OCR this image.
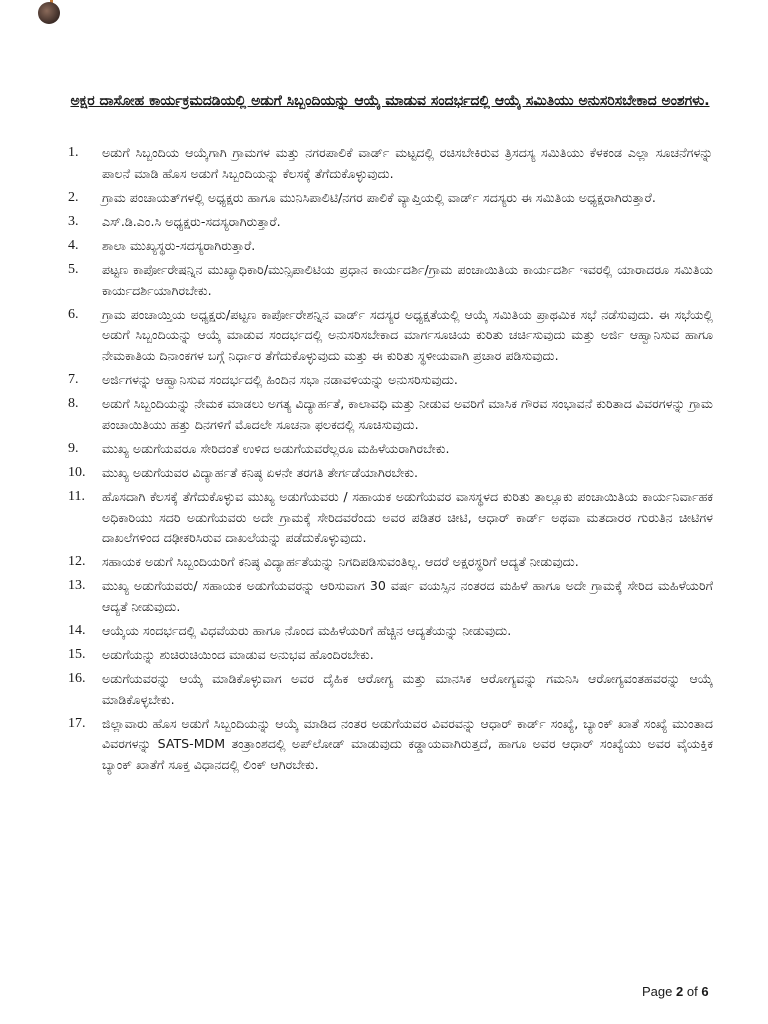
ಅಕ್ಷರ ದಾಸೋಹ ಕಾರ್ಯಕ್ರಮದಡಿಯಲ್ಲಿ ಅಡುಗೆ ಸಿಬ್ಬಂದಿಯನ್ನು ಆಯ್ಕೆ ಮಾಡುವ ಸಂದರ್ಭದಲ್ಲಿ ಆಯ್ಕೆ ಸಮಿತಿಯು ಅನುಸರಿಸಬೇಕಾದ ಅಂಶಗಳು.
1. ಅಡುಗೆ ಸಿಬ್ಬಂದಿಯ ಆಯ್ಕೆಗಾಗಿ ಗ್ರಾಮಗಳ ಮತ್ತು ನಗರಪಾಲಿಕೆ ವಾರ್ಡ್ ಮಟ್ಟದಲ್ಲಿ ರಚಿಸಬೇಕಿರುವ ತ್ರಿಸದಸ್ಯ ಸಮಿತಿಯು ಕೆಳಕಂಡ ಎಲ್ಲಾ ಸೂಚನೆಗಳನ್ನು ಪಾಲನೆ ಮಾಡಿ ಹೊಸ ಅಡುಗೆ ಸಿಬ್ಬಂದಿಯನ್ನು ಕೆಲಸಕ್ಕೆ ತೆಗೆದುಕೊಳ್ಳುವುದು.
2. ಗ್ರಾಮ ಪಂಚಾಯತ್‌ಗಳಲ್ಲಿ ಅಧ್ಯಕ್ಷರು ಹಾಗೂ ಮುನಿಸಿಪಾಲಿಟಿ/ನಗರ ಪಾಲಿಕೆ ವ್ಯಾಪ್ತಿಯಲ್ಲಿ ವಾರ್ಡ್ ಸದಸ್ಯರು ಈ ಸಮಿತಿಯ ಅಧ್ಯಕ್ಷರಾಗಿರುತ್ತಾರೆ.
3. ಎಸ್.ಡಿ.ಎಂ.ಸಿ ಅಧ್ಯಕ್ಷರು-ಸದಸ್ಯರಾಗಿರುತ್ತಾರೆ.
4. ಶಾಲಾ ಮುಖ್ಯಸ್ಥರು-ಸದಸ್ಯರಾಗಿರುತ್ತಾರೆ.
5. ಪಟ್ಟಣ ಕಾರ್ಪೋರೇಷನ್ನಿನ ಮುಖ್ಯಾಧಿಕಾರಿ/ಮುನ್ಸಿಪಾಲಿಟಿಯ ಪ್ರಧಾನ ಕಾರ್ಯದರ್ಶಿ/ಗ್ರಾಮ ಪಂಚಾಯಿತಿಯ ಕಾರ್ಯದರ್ಶಿ ಇವರಲ್ಲಿ ಯಾರಾದರೂ ಸಮಿತಿಯ ಕಾರ್ಯದರ್ಶಿಯಾಗಿರಬೇಕು.
6. ಗ್ರಾಮ ಪಂಚಾಯ್ತಿಯ ಅಧ್ಯಕ್ಷರು/ಪಟ್ಟಣ ಕಾರ್ಪೋರೇಶನ್ನಿನ ವಾರ್ಡ್ ಸದಸ್ಯರ ಅಧ್ಯಕ್ಷತೆಯಲ್ಲಿ ಆಯ್ಕೆ ಸಮಿತಿಯ ಪ್ರಾಥಮಿಕ ಸಭೆ ನಡೆಸುವುದು. ಈ ಸಭೆಯಲ್ಲಿ ಅಡುಗೆ ಸಿಬ್ಬಂದಿಯನ್ನು ಆಯ್ಕೆ ಮಾಡುವ ಸಂದರ್ಭದಲ್ಲಿ ಅನುಸರಿಸಬೇಕಾದ ಮಾರ್ಗಸೂಚಿಯ ಕುರಿತು ಚರ್ಚಿಸುವುದು ಮತ್ತು ಅರ್ಜಿ ಆಹ್ವಾನಿಸುವ ಹಾಗೂ ನೇಮಕಾತಿಯ ದಿನಾಂಕಗಳ ಬಗ್ಗೆ ನಿರ್ಧಾರ ತೆಗೆದುಕೊಳ್ಳುವುದು ಮತ್ತು ಈ ಕುರಿತು ಸ್ಥಳೀಯವಾಗಿ ಪ್ರಚಾರ ಪಡಿಸುವುದು.
7. ಅರ್ಜಿಗಳನ್ನು ಆಹ್ವಾನಿಸುವ ಸಂದರ್ಭದಲ್ಲಿ ಹಿಂದಿನ ಸಭಾ ನಡಾವಳಿಯನ್ನು ಅನುಸರಿಸುವುದು.
8. ಅಡುಗೆ ಸಿಬ್ಬಂದಿಯನ್ನು ನೇಮಕ ಮಾಡಲು ಅಗತ್ಯ ವಿದ್ಯಾರ್ಹತೆ, ಕಾಲಾವಧಿ ಮತ್ತು ನೀಡುವ ಅವರಿಗೆ ಮಾಸಿಕ ಗೌರವ ಸಂಭಾವನೆ ಕುರಿತಾದ ವಿವರಗಳನ್ನು ಗ್ರಾಮ ಪಂಚಾಯಿತಿಯು ಹತ್ತು ದಿನಗಳಿಗೆ ಮೊದಲೇ ಸೂಚನಾ ಫಲಕದಲ್ಲಿ ಸೂಚಿಸುವುದು.
9. ಮುಖ್ಯ ಅಡುಗೆಯವರೂ ಸೇರಿದಂತೆ ಉಳಿದ ಅಡುಗೆಯವರೆಲ್ಲರೂ ಮಹಿಳೆಯರಾಗಿರಬೇಕು.
10. ಮುಖ್ಯ ಅಡುಗೆಯವರ ವಿದ್ಯಾರ್ಹತೆ ಕನಿಷ್ಠ ಏಳನೇ ತರಗತಿ ತೇರ್ಗಡೆಯಾಗಿರಬೇಕು.
11. ಹೊಸದಾಗಿ ಕೆಲಸಕ್ಕೆ ತೆಗೆದುಕೊಳ್ಳುವ ಮುಖ್ಯ ಅಡುಗೆಯವರು / ಸಹಾಯಕ ಅಡುಗೆಯವರ ವಾಸಸ್ಥಳದ ಕುರಿತು ತಾಲ್ಲೂಕು ಪಂಚಾಯಿತಿಯ ಕಾರ್ಯನಿರ್ವಾಹಕ ಅಧಿಕಾರಿಯು ಸದರಿ ಅಡುಗೆಯವರು ಅದೇ ಗ್ರಾಮಕ್ಕೆ ಸೇರಿದವರೆಂದು ಅವರ ಪಡಿತರ ಚೀಟಿ, ಆಧಾರ್ ಕಾರ್ಡ್ ಅಥವಾ ಮತದಾರರ ಗುರುತಿನ ಚೀಟಿಗಳ ದಾಖಲೆಗಳಿಂದ ದಢೀಕರಿಸಿರುವ ದಾಖಲೆಯನ್ನು ಪಡೆದುಕೊಳ್ಳುವುದು.
12. ಸಹಾಯಕ ಅಡುಗೆ ಸಿಬ್ಬಂದಿಯರಿಗೆ ಕನಿಷ್ಠ ವಿದ್ಯಾರ್ಹತೆಯನ್ನು ನಿಗದಿಪಡಿಸುವಂತಿಲ್ಲ. ಆದರೆ ಅಕ್ಷರಸ್ಥರಿಗೆ ಆದ್ಯತೆ ನೀಡುವುದು.
13. ಮುಖ್ಯ ಅಡುಗೆಯವರು/ ಸಹಾಯಕ ಅಡುಗೆಯವರನ್ನು ಆರಿಸುವಾಗ 30 ವರ್ಷ ವಯಸ್ಸಿನ ನಂತರದ ಮಹಿಳೆ ಹಾಗೂ ಅದೇ ಗ್ರಾಮಕ್ಕೆ ಸೇರಿದ ಮಹಿಳೆಯರಿಗೆ ಆದ್ಯತೆ ನೀಡುವುದು.
14. ಆಯ್ಕೆಯ ಸಂದರ್ಭದಲ್ಲಿ ವಿಧವೆಯರು ಹಾಗೂ ನೊಂದ ಮಹಿಳೆಯರಿಗೆ ಹೆಚ್ಚಿನ ಆದ್ಯತೆಯನ್ನು ನೀಡುವುದು.
15. ಅಡುಗೆಯನ್ನು ಶುಚಿರುಚಿಯಿಂದ ಮಾಡುವ ಅನುಭವ ಹೊಂದಿರಬೇಕು.
16. ಅಡುಗೆಯವರನ್ನು ಆಯ್ಕೆ ಮಾಡಿಕೊಳ್ಳುವಾಗ ಅವರ ದೈಹಿಕ ಆರೋಗ್ಯ ಮತ್ತು ಮಾನಸಿಕ ಆರೋಗ್ಯವನ್ನು ಗಮನಿಸಿ ಆರೋಗ್ಯವಂತಹವರನ್ನು ಆಯ್ಕೆ ಮಾಡಿಕೊಳ್ಳಬೇಕು.
17. ಜಿಲ್ಲಾವಾರು ಹೊಸ ಅಡುಗೆ ಸಿಬ್ಬಂದಿಯನ್ನು ಆಯ್ಕೆ ಮಾಡಿದ ನಂತರ ಅಡುಗೆಯವರ ವಿವರವನ್ನು ಆಧಾರ್ ಕಾರ್ಡ್ ಸಂಖ್ಯೆ, ಬ್ಯಾಂಕ್ ಖಾತೆ ಸಂಖ್ಯೆ ಮುಂತಾದ ವಿವರಗಳನ್ನು SATS-MDM ತಂತ್ರಾಂಶದಲ್ಲಿ ಅಪ್‌ಲೋಡ್ ಮಾಡುವುದು ಕಡ್ಡಾಯವಾಗಿರುತ್ತದೆ, ಹಾಗೂ ಅವರ ಆಧಾರ್ ಸಂಖ್ಯೆಯು ಅವರ ವೈಯಕ್ತಿಕ ಬ್ಯಾಂಕ್ ಖಾತೆಗೆ ಸೂಕ್ತ ವಿಧಾನದಲ್ಲಿ ಲಿಂಕ್ ಆಗಿರಬೇಕು.
Page 2 of 6
